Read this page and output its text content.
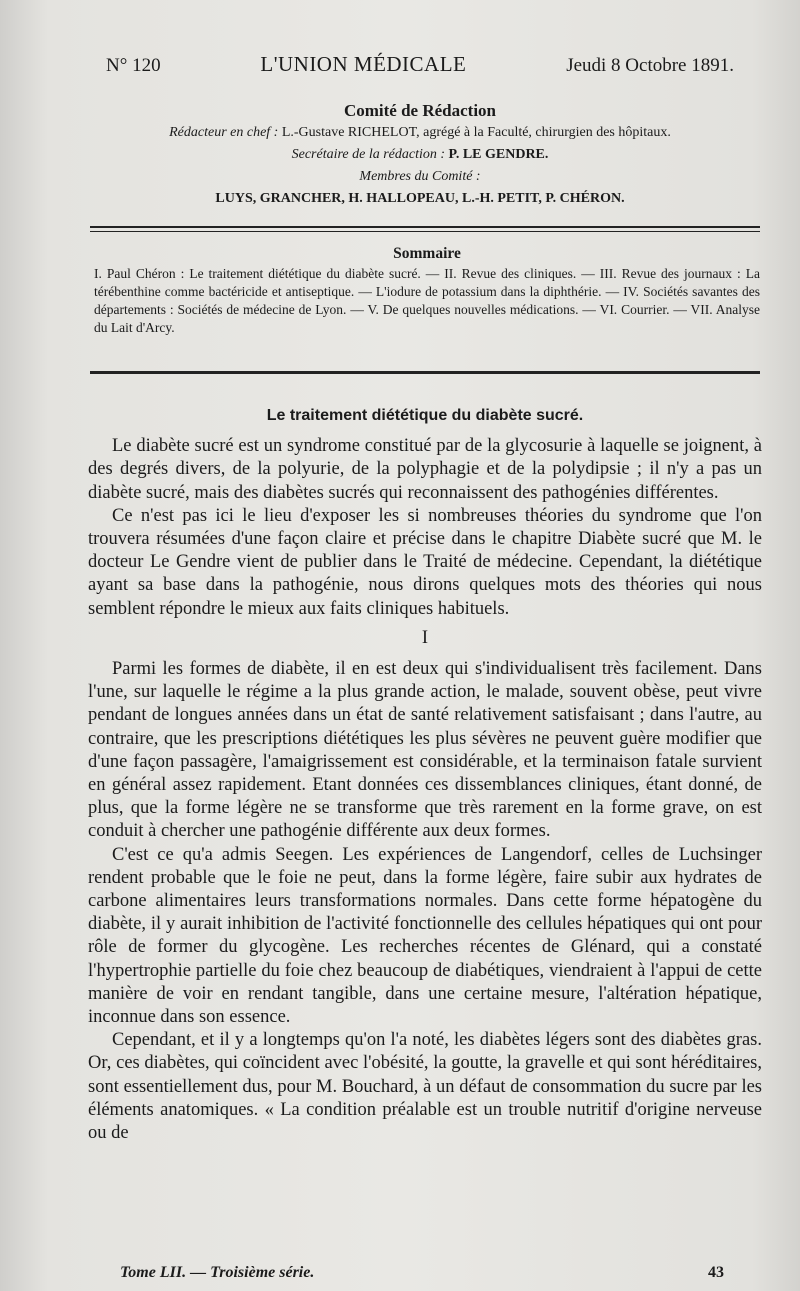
N° 120	L'UNION MÉDICALE	Jeudi 8 Octobre 1891.
Comité de Rédaction
Rédacteur en chef : L.-Gustave RICHELOT, agrégé à la Faculté, chirurgien des hôpitaux.
Secrétaire de la rédaction : P. LE GENDRE.
Membres du Comité :
LUYS, GRANCHER, H. HALLOPEAU, L.-H. PETIT, P. CHÉRON.
Sommaire
I. Paul Chéron : Le traitement diététique du diabète sucré. — II. Revue des cliniques. — III. Revue des journaux : La térébenthine comme bactéricide et antiseptique. — L'iodure de potassium dans la diphthérie. — IV. Sociétés savantes des départements : Sociétés de médecine de Lyon. — V. De quelques nouvelles médications. — VI. Courrier. — VII. Analyse du Lait d'Arcy.
Le traitement diététique du diabète sucré.

Le diabète sucré est un syndrome constitué par de la glycosurie à laquelle se joignent, à des degrés divers, de la polyurie, de la polyphagie et de la polydipsie ; il n'y a pas un diabète sucré, mais des diabètes sucrés qui reconnaissent des pathogénies différentes.

Ce n'est pas ici le lieu d'exposer les si nombreuses théories du syndrome que l'on trouvera résumées d'une façon claire et précise dans le chapitre Diabète sucré que M. le docteur Le Gendre vient de publier dans le Traité de médecine. Cependant, la diététique ayant sa base dans la pathogénie, nous dirons quelques mots des théories qui nous semblent répondre le mieux aux faits cliniques habituels.

I

Parmi les formes de diabète, il en est deux qui s'individualisent très facilement. Dans l'une, sur laquelle le régime a la plus grande action, le malade, souvent obèse, peut vivre pendant de longues années dans un état de santé relativement satisfaisant ; dans l'autre, au contraire, que les prescriptions diététiques les plus sévères ne peuvent guère modifier que d'une façon passagère, l'amaigrissement est considérable, et la terminaison fatale survient en général assez rapidement. Etant données ces dissemblances cliniques, étant donné, de plus, que la forme légère ne se transforme que très rarement en la forme grave, on est conduit à chercher une pathogénie différente aux deux formes.

C'est ce qu'a admis Seegen. Les expériences de Langendorf, celles de Luchsinger rendent probable que le foie ne peut, dans la forme légère, faire subir aux hydrates de carbone alimentaires leurs transformations normales. Dans cette forme hépatogène du diabète, il y aurait inhibition de l'activité fonctionnelle des cellules hépatiques qui ont pour rôle de former du glycogène. Les recherches récentes de Glénard, qui a constaté l'hypertrophie partielle du foie chez beaucoup de diabétiques, viendraient à l'appui de cette manière de voir en rendant tangible, dans une certaine mesure, l'altération hépatique, inconnue dans son essence.

Cependant, et il y a longtemps qu'on l'a noté, les diabètes légers sont des diabètes gras. Or, ces diabètes, qui coïncident avec l'obésité, la goutte, la gravelle et qui sont héréditaires, sont essentiellement dus, pour M. Bouchard, à un défaut de consommation du sucre par les éléments anatomiques. « La condition préalable est un trouble nutritif d'origine nerveuse ou de

Tome LII. — Troisième série.	43
